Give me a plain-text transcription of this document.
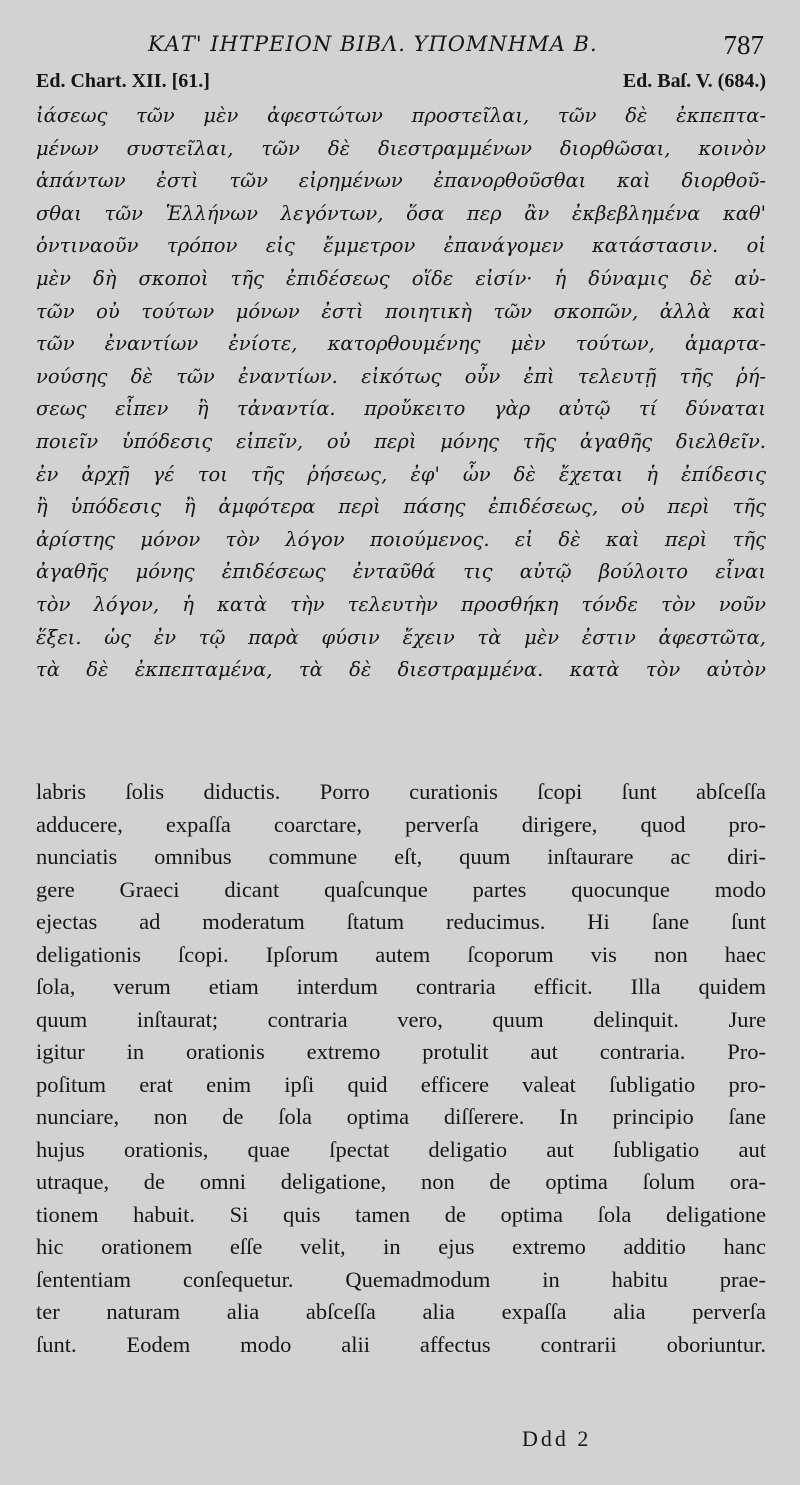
ΚΑΤ' ΙΗΤΡΕΙΟΝ ΒΙΒΛ. ΥΠΟΜΝΗΜΑ Β.	787
Ed. Chart. XII. [61.]	Ed. Baſ. V. (684.)
ἰάσεως τῶν μὲν ἀφεστώτων προστεῖλαι, τῶν δὲ ἐκπεπτα-
μένων συστεῖλαι, τῶν δὲ διεστραμμένων διορθῶσαι, κοινὸν
ἁπάντων ἐστὶ τῶν εἰρημένων ἐπανορθοῦσθαι καὶ διορθοῦ-
σθαι τῶν Ἑλλήνων λεγόντων, ὅσα περ ἂν ἐκβεβλημένα καθ'
ὁντιναοῦν τρόπον εἰς ἔμμετρον ἐπανάγομεν κατάστασιν. οἱ
μὲν δὴ σκοποὶ τῆς ἐπιδέσεως οἵδε εἰσίν· ἡ δύναμις δὲ αὐ-
τῶν οὐ τούτων μόνων ἐστὶ ποιητικὴ τῶν σκοπῶν, ἀλλὰ καὶ
τῶν ἐναντίων ἐνίοτε, κατορθουμένης μὲν τούτων, ἁμαρτα-
νούσης δὲ τῶν ἐναντίων. εἰκότως οὖν ἐπὶ τελευτῇ τῆς ῥή-
σεως εἶπεν ἢ τἀναντία. προὔκειτο γὰρ αὐτῷ τί δύναται
ποιεῖν ὑπόδεσις εἰπεῖν, οὐ περὶ μόνης τῆς ἀγαθῆς διελθεῖν.
ἐν ἀρχῇ γέ τοι τῆς ῥήσεως, ἐφ' ὧν δὲ ἔχεται ἡ ἐπίδεσις
ἢ ὑπόδεσις ἢ ἀμφότερα περὶ πάσης ἐπιδέσεως, οὐ περὶ τῆς
ἀρίστης μόνον τὸν λόγον ποιούμενος. εἰ δὲ καὶ περὶ τῆς
ἀγαθῆς μόνης ἐπιδέσεως ἐνταῦθά τις αὐτῷ βούλοιτο εἶναι
τὸν λόγον, ἡ κατὰ τὴν τελευτὴν προσθήκη τόνδε τὸν νοῦν
ἕξει. ὡς ἐν τῷ παρὰ φύσιν ἔχειν τὰ μὲν ἐστιν ἀφεστῶτα,
τὰ δὲ ἐκπεπταμένα, τὰ δὲ διεστραμμένα. κατὰ τὸν αὐτὸν
labris ſolis diductis. Porro curationis ſcopi ſunt abſceſſa
adducere, expaſſa coarctare, perverſa dirigere, quod pro-
nunciatis omnibus commune eſt, quum inſtaurare ac diri-
gere Graeci dicant quaſcunque partes quocunque modo
ejectas ad moderatum ſtatum reducimus. Hi ſane ſunt
deligationis ſcopi. Ipſorum autem ſcoporum vis non haec
ſola, verum etiam interdum contraria efficit. Illa quidem
quum inſtaurat; contraria vero, quum delinquit. Jure
igitur in orationis extremo protulit aut contraria. Pro-
poſitum erat enim ipſi quid efficere valeat ſubligatio pro-
nunciare, non de ſola optima diſſerere. In principio ſane
hujus orationis, quae ſpectat deligatio aut ſubligatio aut
utraque, de omni deligatione, non de optima ſolum ora-
tionem habuit. Si quis tamen de optima ſola deligatione
hic orationem eſſe velit, in ejus extremo additio hanc
ſententiam conſequetur. Quemadmodum in habitu prae-
ter naturam alia abſceſſa alia expaſſa alia perverſa
ſunt. Eodem modo alii affectus contrarii oboriuntur.
Ddd 2
